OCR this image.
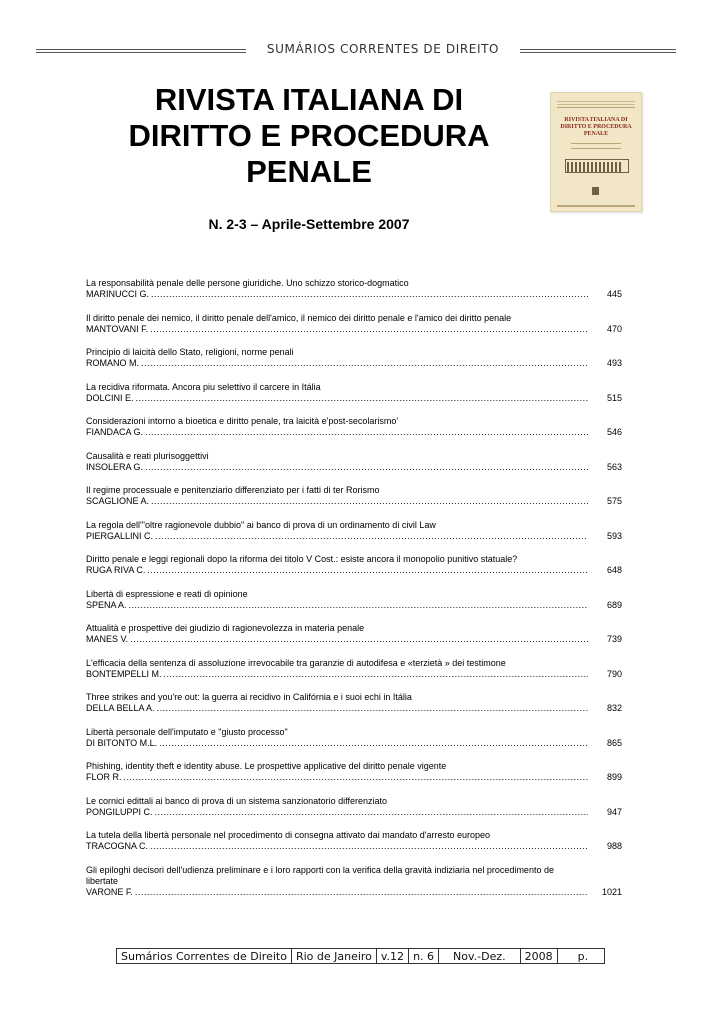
SUMÁRIOS CORRENTES DE DIREITO
RIVISTA ITALIANA DI
DIRITTO E PROCEDURA
PENALE
RIVISTA ITALIANA DI DIRITTO E PROCEDURA PENALE
N. 2-3 – Aprile-Settembre 2007
La responsabilità penale delle persone giuridiche. Uno schizzo storico-dogmatico
MARINUCCI G. .....	445
Il diritto penale dei nemico, il diritto penale dell'amico, il nemico dei diritto penale e l'amico dei diritto penale
MANTOVANI F. .....	470
Principio di laicità dello Stato, religioni, norme penali
ROMANO M. .....	493
La recidiva riformata. Ancora piu selettivo il carcere in Itália
DOLCINI E. .....	515
Considerazioni intorno a bioetica e diritto penale, tra laicità e'post-secolarismo'
FIANDACA G. .....	546
Causalità e reati plurisoggettivi
INSOLERA G. .....	563
Il regime processuale e penitenziario differenziato per i fatti di ter Rorismo
SCAGLIONE A. .....	575
La regola dell'"oltre ragionevole dubbio" ai banco di prova di un ordinamento di civil Law
PIERGALLINI C. .....	593
Diritto penale e leggi regionali dopo Ia riforma dei titolo V Cost.: esiste ancora il monopolio punitivo statuale?
RUGA RIVA C. .....	648
Libertà di espressione e reati di opinione
SPENA A. .....	689
Attualità e prospettive dei giudizio di ragionevolezza in materia penale
MANES V. .....	739
L'efficacia della sentenza di assoluzione irrevocabile tra garanzie di autodifesa e «terzietà » dei testimone
BONTEMPELLI M. .....	790
Three strikes and you're out: la guerra ai recidivo in Califórnia e i suoi echi in Itália
DELLA BELLA A. .....	832
Libertà personale dell'imputato e "giusto processo"
DI BITONTO M.L. .....	865
Phishing, identity theft e identity abuse. Le prospettive applicative del diritto penale vigente
FLOR R. .....	899
Le cornici edittali ai banco di prova di un sistema sanzionatorio differenziato
PONGILUPPI C. .....	947
La tutela della libertà personale nel procedimento di consegna attivato dai mandato d'arresto europeo
TRACOGNA C. .....	988
Gli epiloghi decisori dell'udienza preliminare e i loro rapporti con la verifica della gravità indiziaria nel procedimento de libertate
VARONE F. .....	1021
Sumários Correntes de Direito	Rio de Janeiro	v.12	n. 6	Nov.-Dez.	2008	p.
